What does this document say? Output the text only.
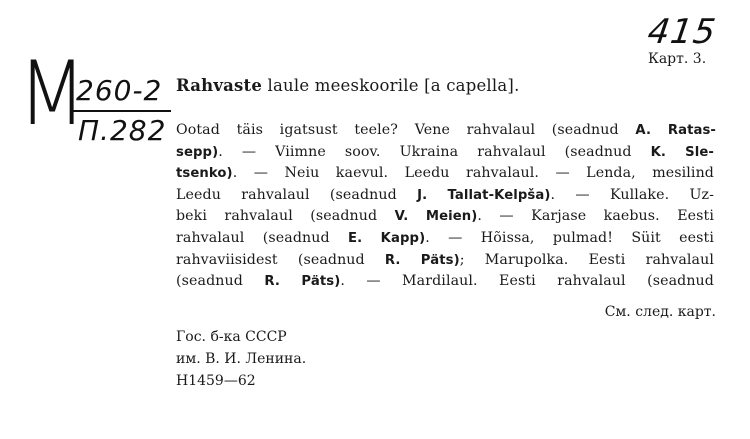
415
Карт. 3.
M
260-2
П.282
Rahvaste laule meeskoorile [a capella].
Ootad täis igatsust teele? Vene rahvalaul (seadnud A. Ratas-
sepp). — Viimne soov. Ukraina rahvalaul (seadnud K. Sle-
tsenko). — Neiu kaevul. Leedu rahvalaul. — Lenda, mesilind
Leedu rahvalaul (seadnud J. Tallat-Kelpša). — Kullake. Uz-
beki rahvalaul (seadnud V. Meien). — Karjase kaebus. Eesti
rahvalaul (seadnud E. Kapp). — Hõissa, pulmad! Süit eesti
rahvaviisidest (seadnud R. Päts); Marupolka. Eesti rahvalaul
(seadnud R. Päts). — Mardilaul. Eesti rahvalaul (seadnud
См. след. карт.
Гос. б-ка СССР
им. В. И. Ленина.
Н1459—62
